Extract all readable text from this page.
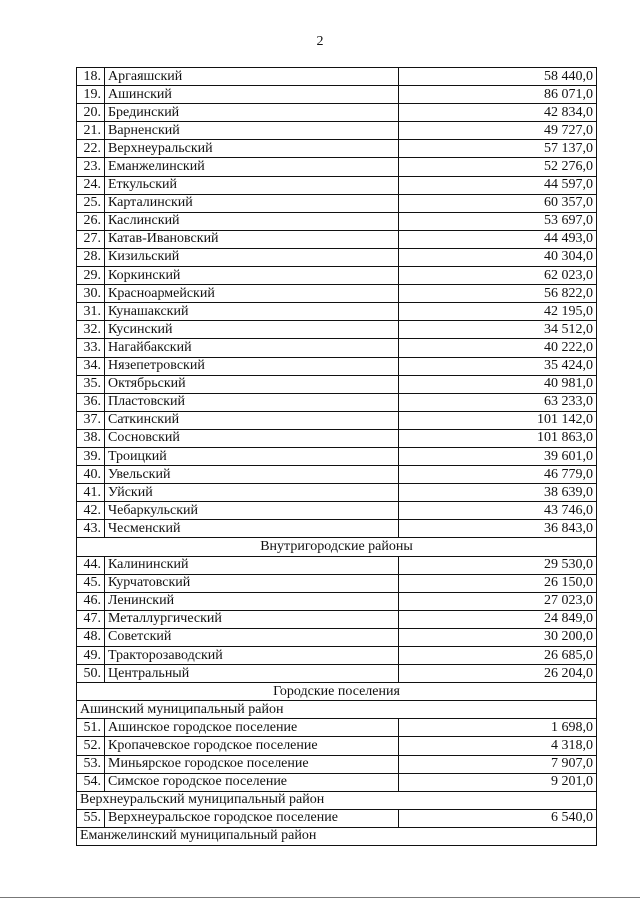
2
18.	Аргаяшский	58 440,0
19.	Ашинский	86 071,0
20.	Брединский	42 834,0
21.	Варненский	49 727,0
22.	Верхнеуральский	57 137,0
23.	Еманжелинский	52 276,0
24.	Еткульский	44 597,0
25.	Карталинский	60 357,0
26.	Каслинский	53 697,0
27.	Катав-Ивановский	44 493,0
28.	Кизильский	40 304,0
29.	Коркинский	62 023,0
30.	Красноармейский	56 822,0
31.	Кунашакский	42 195,0
32.	Кусинский	34 512,0
33.	Нагайбакский	40 222,0
34.	Нязепетровский	35 424,0
35.	Октябрьский	40 981,0
36.	Пластовский	63 233,0
37.	Саткинский	101 142,0
38.	Сосновский	101 863,0
39.	Троицкий	39 601,0
40.	Увельский	46 779,0
41.	Уйский	38 639,0
42.	Чебаркульский	43 746,0
43.	Чесменский	36 843,0
Внутригородские районы		
44.	Калининский	29 530,0
45.	Курчатовский	26 150,0
46.	Ленинский	27 023,0
47.	Металлургический	24 849,0
48.	Советский	30 200,0
49.	Тракторозаводский	26 685,0
50.	Центральный	26 204,0
Городские поселения		
Ашинский муниципальный район		
51.	Ашинское городское поселение	1 698,0
52.	Кропачевское городское поселение	4 318,0
53.	Миньярское городское поселение	7 907,0
54.	Симское городское поселение	9 201,0
Верхнеуральский муниципальный район		
55.	Верхнеуральское городское поселение	6 540,0
Еманжелинский муниципальный район		
